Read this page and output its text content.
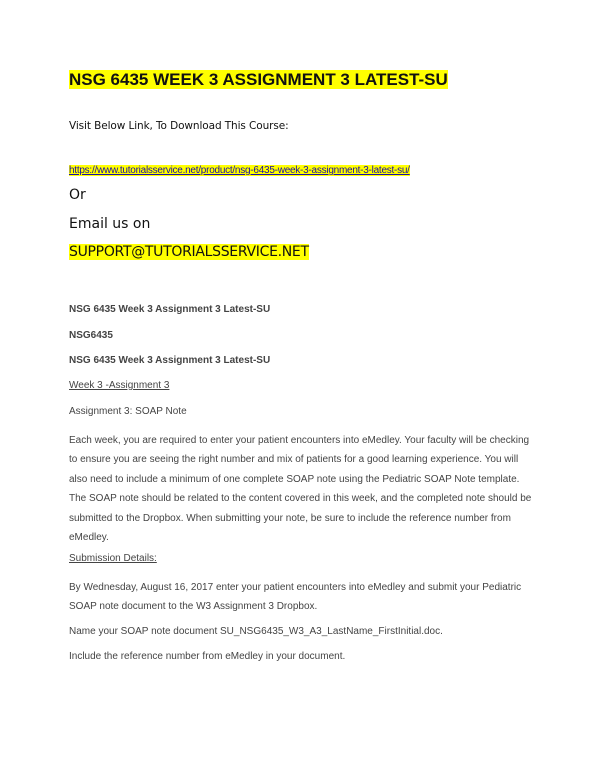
NSG 6435 WEEK 3 ASSIGNMENT 3 LATEST-SU

Visit Below Link, To Download This Course:

https://www.tutorialsservice.net/product/nsg-6435-week-3-assignment-3-latest-su/

Or

Email us on

SUPPORT@TUTORIALSSERVICE.NET

NSG 6435 Week 3 Assignment 3 Latest-SU

NSG6435

NSG 6435 Week 3 Assignment 3 Latest-SU

Week 3 -Assignment 3

Assignment 3: SOAP Note

Each week, you are required to enter your patient encounters into eMedley. Your faculty will be checking to ensure you are seeing the right number and mix of patients for a good learning experience. You will also need to include a minimum of one complete SOAP note using the Pediatric SOAP Note template. The SOAP note should be related to the content covered in this week, and the completed note should be submitted to the Dropbox. When submitting your note, be sure to include the reference number from eMedley.

Submission Details:

By Wednesday, August 16, 2017 enter your patient encounters into eMedley and submit your Pediatric SOAP note document to the W3 Assignment 3 Dropbox.

Name your SOAP note document SU_NSG6435_W3_A3_LastName_FirstInitial.doc.

Include the reference number from eMedley in your document.
